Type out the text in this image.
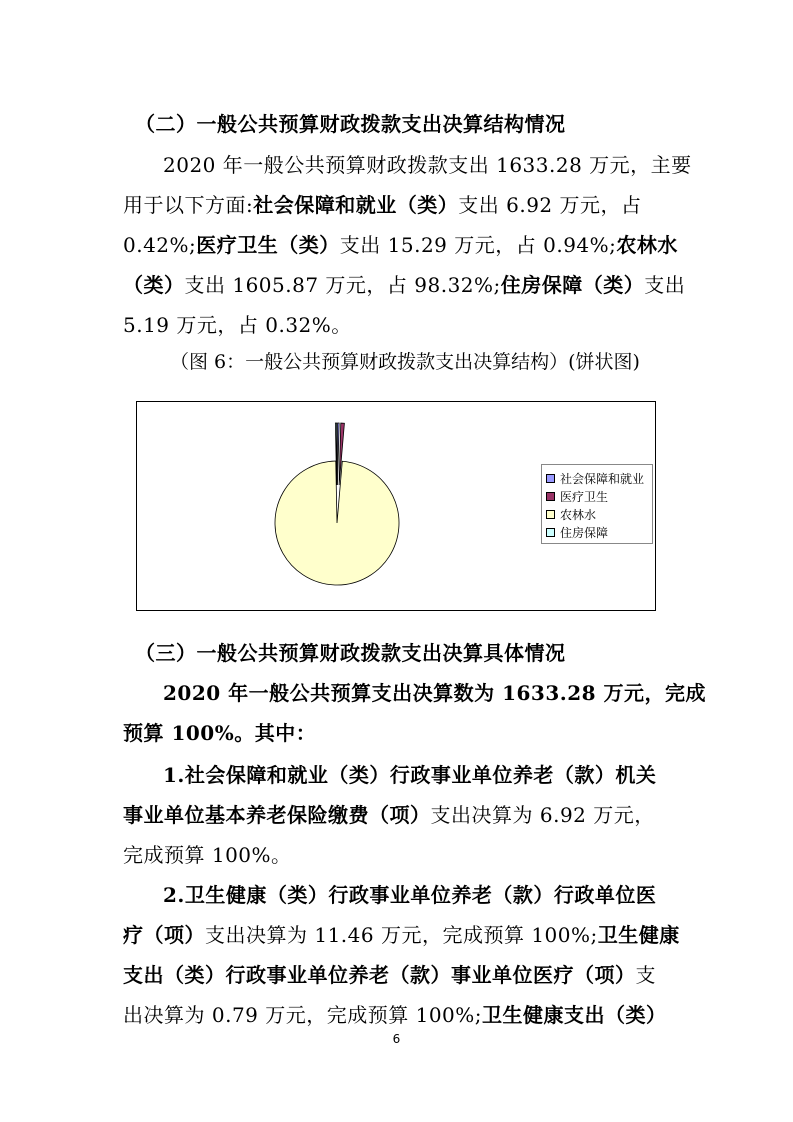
（二）一般公共预算财政拨款支出决算结构情况
2020 年一般公共预算财政拨款支出 1633.28 万元，主要
用于以下方面:社会保障和就业（类）支出 6.92 万元，占
0.42%;医疗卫生（类）支出 15.29 万元，占 0.94%;农林水
（类）支出 1605.87 万元，占 98.32%;住房保障（类）支出
5.19 万元，占 0.32%。
（图 6：一般公共预算财政拨款支出决算结构）(饼状图)
社会保障和就业
医疗卫生
农林水
住房保障
（三）一般公共预算财政拨款支出决算具体情况
2020 年一般公共预算支出决算数为 1633.28 万元，完成
预算 100%。其中：
1.社会保障和就业（类）行政事业单位养老（款）机关
事业单位基本养老保险缴费（项）支出决算为 6.92 万元，
完成预算 100%。
2.卫生健康（类）行政事业单位养老（款）行政单位医
疗（项）支出决算为 11.46 万元，完成预算 100%;卫生健康
支出（类）行政事业单位养老（款）事业单位医疗（项）支
出决算为 0.79 万元，完成预算 100%;卫生健康支出（类）
6
